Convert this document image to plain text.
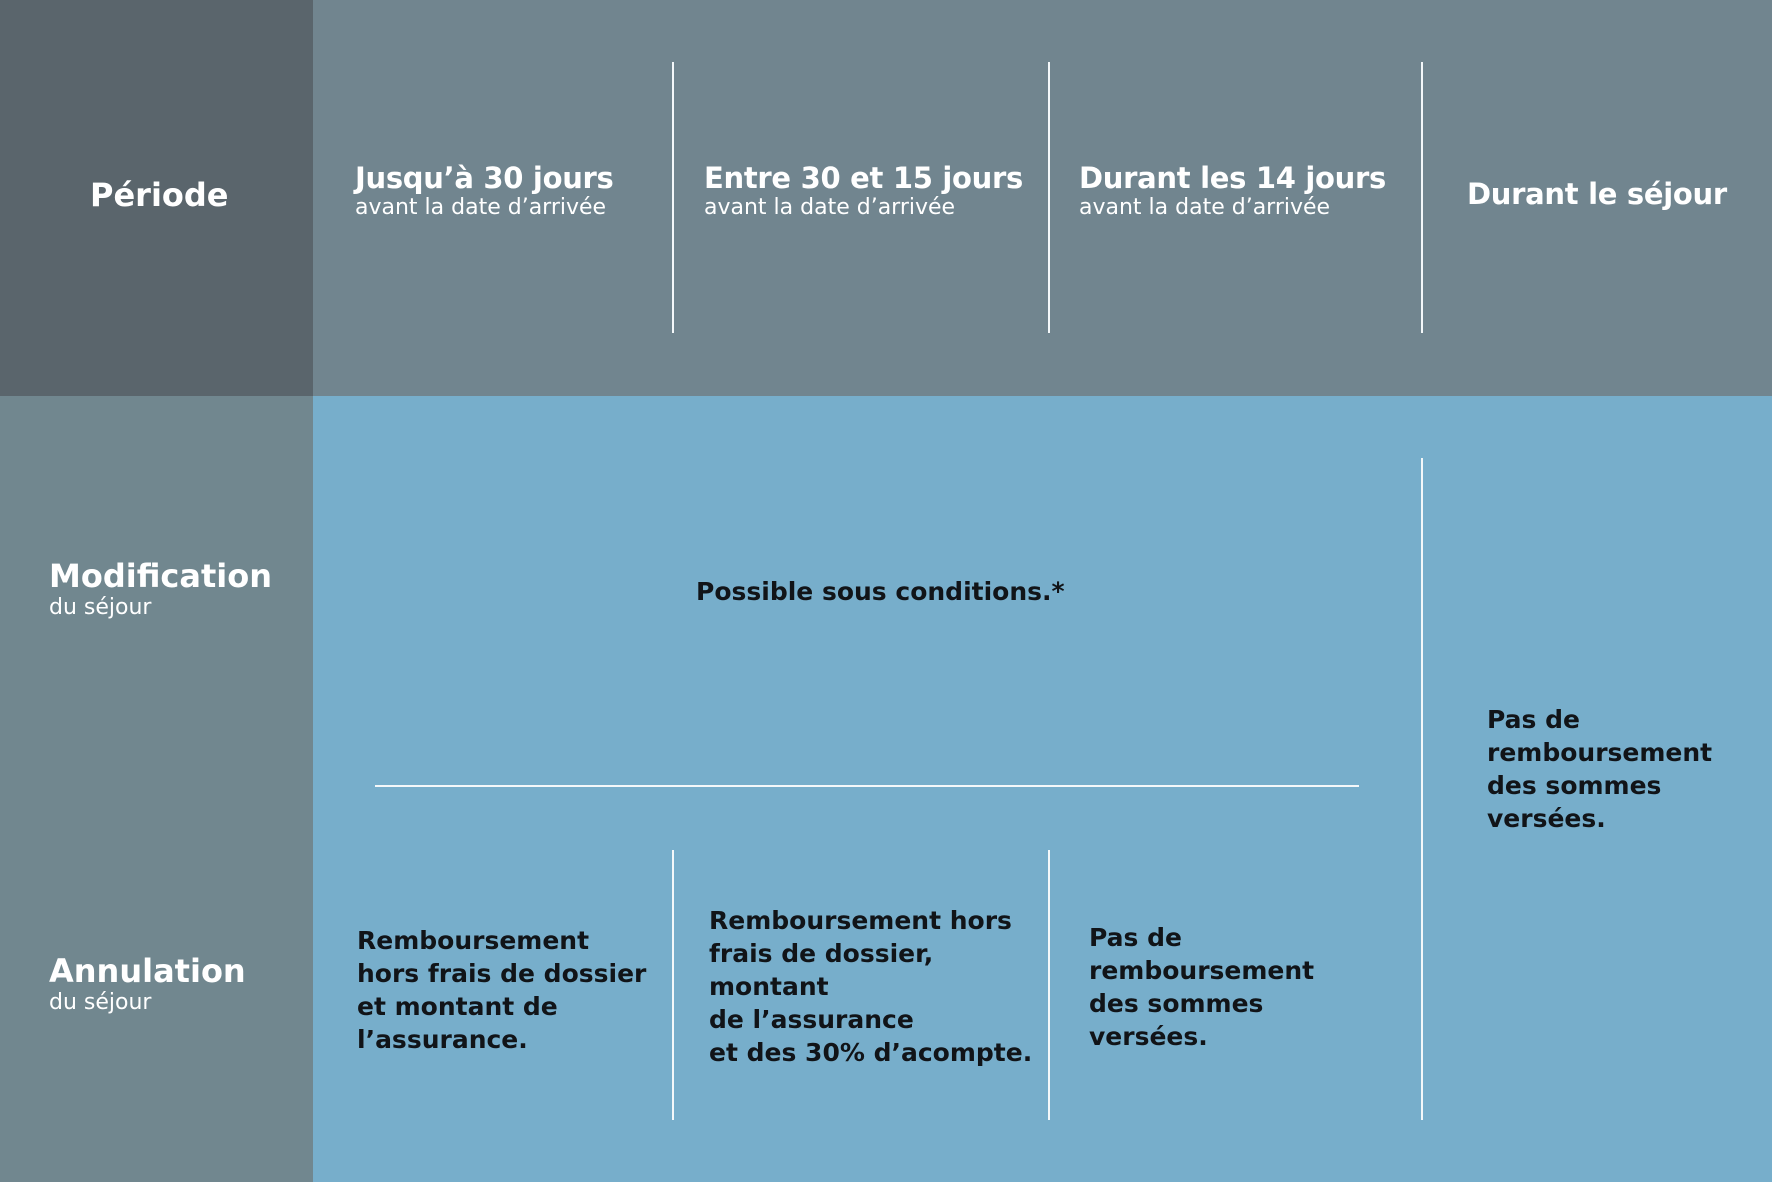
Période	Jusqu’à 30 jours
avant la date d’arrivée
Entre 30 et 15 jours
avant la date d’arrivée
Durant les 14 jours
avant la date d’arrivée	Durant le séjour
Modification
du séjour
Annulation
du séjour
Possible sous conditions.*
Pas de
remboursement
des sommes
versées.
Remboursement
hors frais de dossier
et montant de
l’assurance.
Remboursement hors
frais de dossier,
montant
de l’assurance
et des 30% d’acompte.
Pas de
remboursement
des sommes
versées.
